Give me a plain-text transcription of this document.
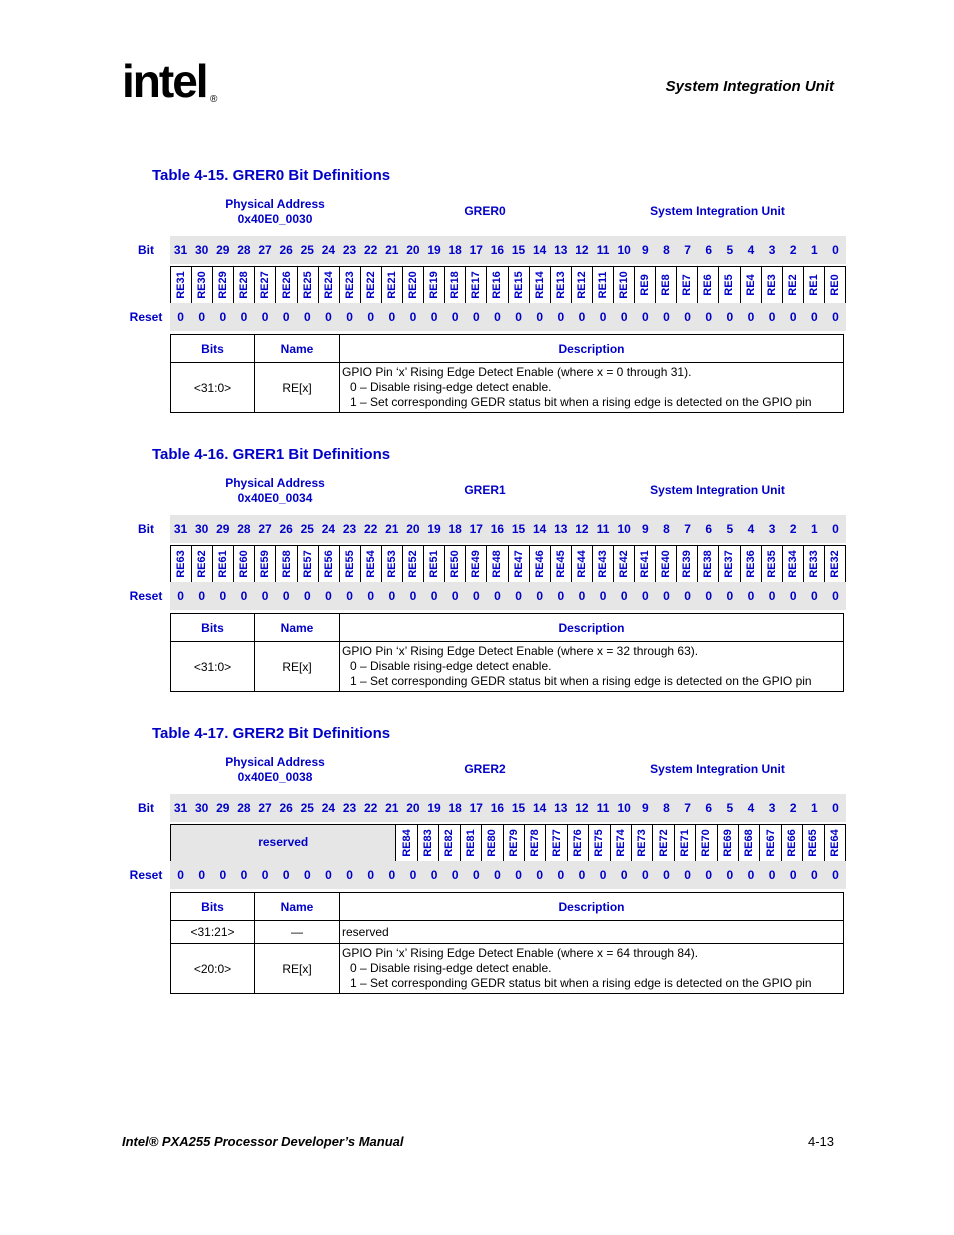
intel ®
System Integration Unit
Table 4-15. GRER0 Bit Definitions
Physical Address
0x40E0_0030
GRER0	System Integration Unit
Bit	31 30 29 28 27 26 25 24 23 22 21 20 19 18 17 16 15 14 13 12 11 10 9	8	7	6	5	4	3	2	1	0
RE31 RE30 RE29 RE28 RE27 RE26 RE25 RE24 RE23 RE22 RE21 RE20 RE19 RE18 RE17 RE16 RE15 RE14 RE13 RE12 RE11 RE10 RE9 RE8 RE7 RE6 RE5 RE4 RE3 RE2 RE1 RE0
Reset	0	0	0	0	0	0	0	0	0	0	0	0	0	0	0	0	0	0	0	0	0	0	0	0	0	0	0	0	0	0	0	0
Bits	Name	Description
<31:0>	RE[x]	GPIO Pin ‘x’ Rising Edge Detect Enable (where x = 0 through 31).
0 – Disable rising-edge detect enable.
1 – Set corresponding GEDR status bit when a rising edge is detected on the GPIO pin
Table 4-16. GRER1 Bit Definitions
Physical Address
0x40E0_0034
GRER1	System Integration Unit
Bit	31 30 29 28 27 26 25 24 23 22 21 20 19 18 17 16 15 14 13 12 11 10 9	8	7	6	5	4	3	2	1	0
RE63 RE62 RE61 RE60 RE59 RE58 RE57 RE56 RE55 RE54 RE53 RE52 RE51 RE50 RE49 RE48 RE47 RE46 RE45 RE44 RE43 RE42 RE41 RE40 RE39 RE38 RE37 RE36 RE35 RE34 RE33 RE32
Reset	0	0	0	0	0	0	0	0	0	0	0	0	0	0	0	0	0	0	0	0	0	0	0	0	0	0	0	0	0	0	0	0
Bits	Name	Description
<31:0>	RE[x]	GPIO Pin ‘x’ Rising Edge Detect Enable (where x = 32 through 63).
0 – Disable rising-edge detect enable.
1 – Set corresponding GEDR status bit when a rising edge is detected on the GPIO pin
Table 4-17. GRER2 Bit Definitions
Physical Address
0x40E0_0038
GRER2	System Integration Unit
Bit	31 30 29 28 27 26 25 24 23 22 21 20 19 18 17 16 15 14 13 12 11 10 9	8	7	6	5	4	3	2	1	0
reserved	RE84 RE83 RE82 RE81 RE80 RE79 RE78 RE77 RE76 RE75 RE74 RE73 RE72 RE71 RE70 RE69 RE68 RE67 RE66 RE65 RE64
Reset	0	0	0	0	0	0	0	0	0	0	0	0	0	0	0	0	0	0	0	0	0	0	0	0	0	0	0	0	0	0	0	0
Bits	Name	Description
<31:21>	—	reserved
<20:0>	RE[x]	GPIO Pin ‘x’ Rising Edge Detect Enable (where x = 64 through 84).
0 – Disable rising-edge detect enable.
1 – Set corresponding GEDR status bit when a rising edge is detected on the GPIO pin
Intel® PXA255 Processor Developer’s Manual	4-13
